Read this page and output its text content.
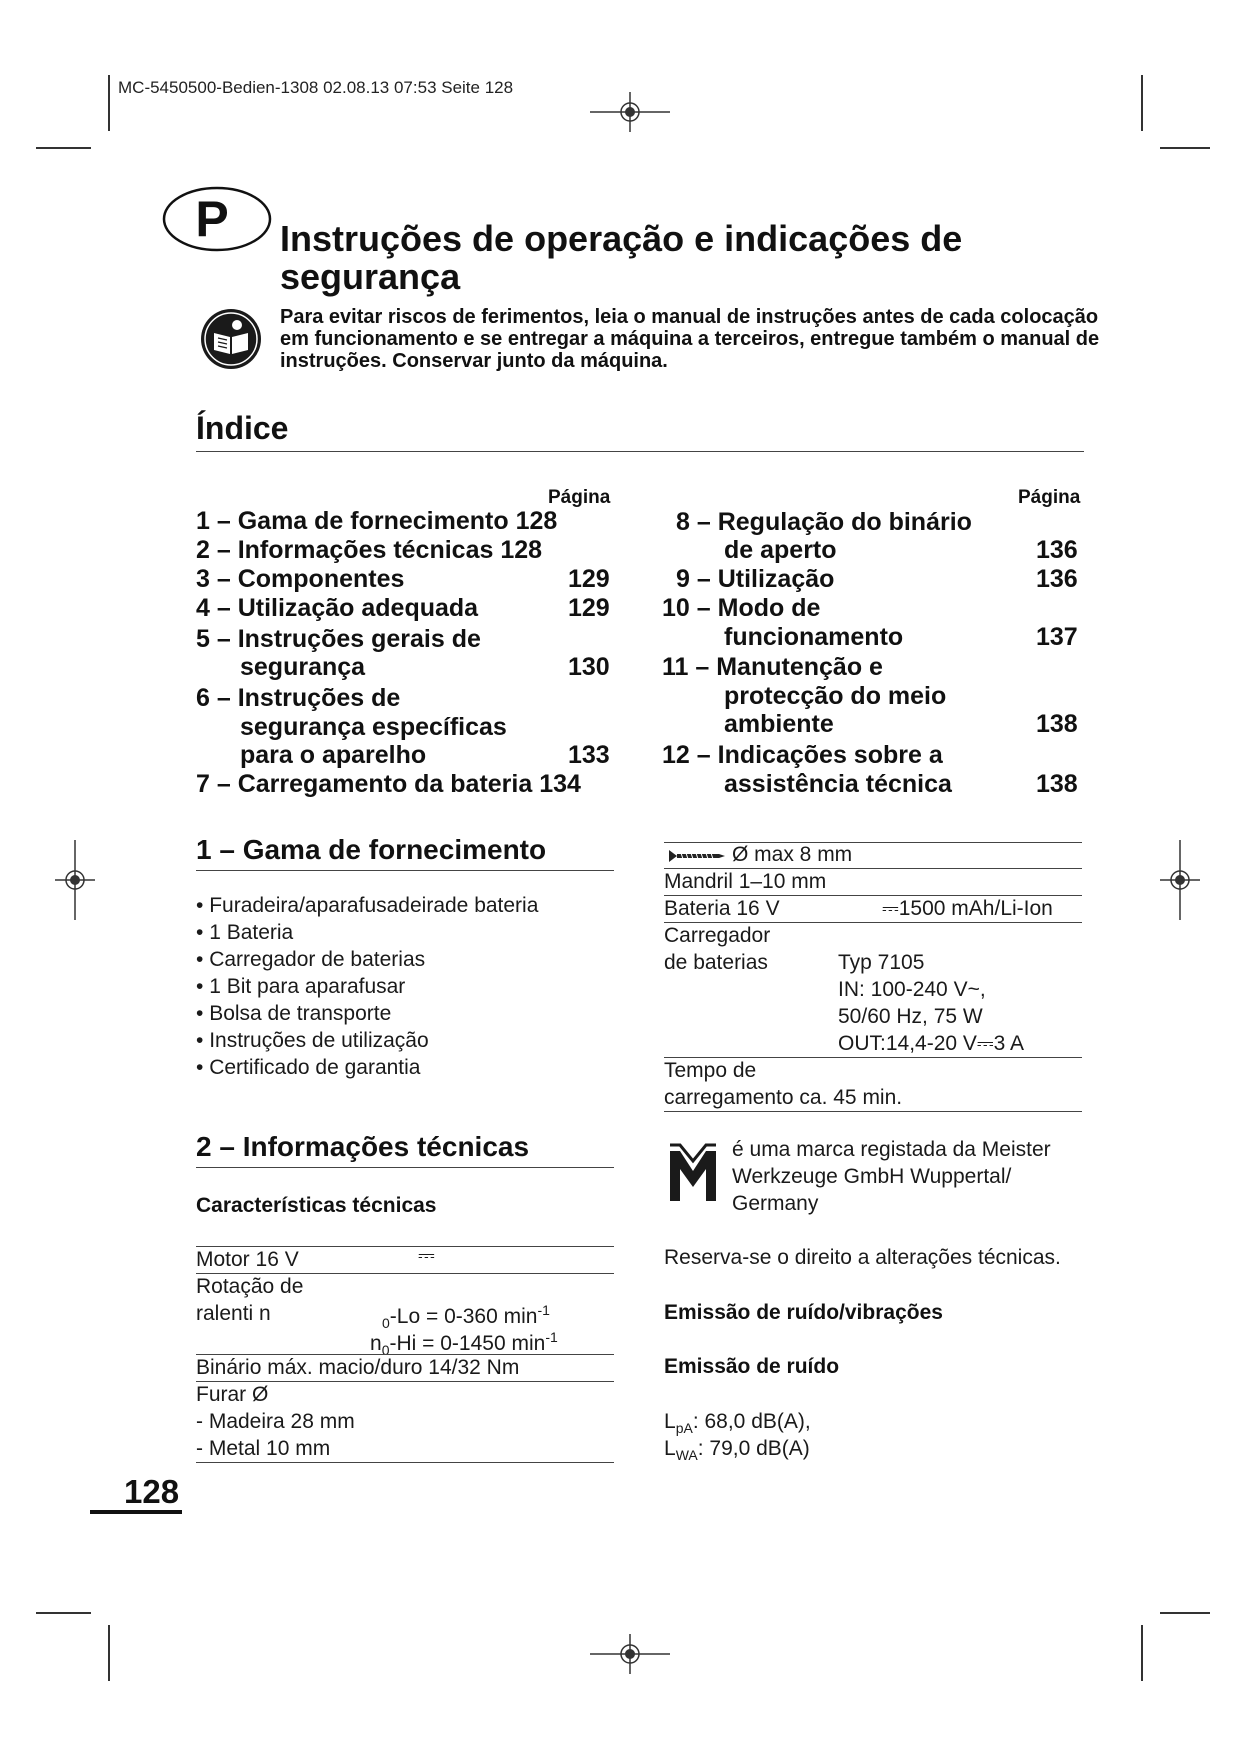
MC-5450500-Bedien-1308 02.08.13 07:53 Seite 128
P	Instruções de operação e indicações de segurança
Para evitar riscos de ferimentos, leia o manual de instruções antes de cada colocação em funcionamento e se entregar a máquina a terceiros, entregue também o manual de instruções. Conservar junto da máquina.
Índice
Página	Página
1 – Gama de fornecimento 128
2 – Informações técnicas 128
3 – Componentes	129
4 – Utilização adequada	129
5 – Instruções gerais de
segurança	130
6 – Instruções de
segurança específicas
para o aparelho	133
7 – Carregamento da bateria 134
8 – Regulação do binário
de aperto	136
9 – Utilização	136
10 – Modo de
funcionamento	137
11 – Manutenção e
protecção do meio
ambiente	138
12 – Indicações sobre a
assistência técnica	138
1 – Gama de fornecimento
• Furadeira/aparafusadeirade bateria
• 1 Bateria
• Carregador de baterias
• 1 Bit para aparafusar
• Bolsa de transporte
• Instruções de utilização
• Certificado de garantia
Ø max 8 mm
Mandril 1–10 mm
Bateria 16 V	⎓1500 mAh/Li-Ion
Carregador
de baterias	Typ 7105
IN: 100-240 V~,
50/60 Hz, 75 W
OUT:14,4-20 V⎓3 A
Tempo de
carregamento ca. 45 min.
2 – Informações técnicas
Características técnicas
Motor 16 V	⎓
Rotação de
ralenti n	$_0$-Lo = 0-360 $\min^{-1}$
$n_0-Hi = 0-1450$ $\min^{-1}$
Binário máx. macio/duro 14/32 Nm
Furar Ø
- Madeira 28 mm
- Metal 10 mm
é uma marca registada da Meister
Werkzeuge GmbH Wuppertal/
Germany
Reserva-se o direito a alterações técnicas.
Emissão de ruído/vibrações
Emissão de ruído
$L_{pA}$: 68,0 dB(A),
$L_{WA}$: 79,0 dB(A)
128
